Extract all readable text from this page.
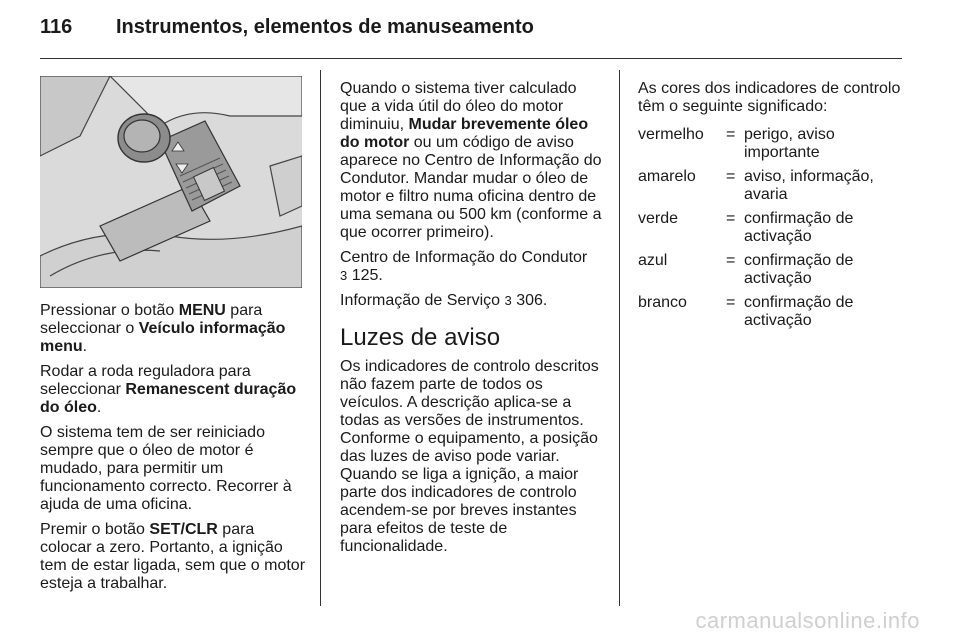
116 Instrumentos, elementos de manuseamento

Pressionar o botão MENU para seleccionar o Veículo informação menu.

Rodar a roda reguladora para seleccionar Remanescent duração do óleo.

O sistema tem de ser reiniciado sempre que o óleo de motor é mudado, para permitir um funcionamento correcto. Recorrer à ajuda de uma oficina.

Premir o botão SET/CLR para colocar a zero. Portanto, a ignição tem de estar ligada, sem que o motor esteja a trabalhar.

Quando o sistema tiver calculado que a vida útil do óleo do motor diminuiu, Mudar brevemente óleo do motor ou um código de aviso aparece no Centro de Informação do Condutor. Mandar mudar o óleo de motor e filtro numa oficina dentro de uma semana ou 500 km (conforme a que ocorrer primeiro).

Centro de Informação do Condutor
3 125.

Informação de Serviço 3 306.

Luzes de aviso

Os indicadores de controlo descritos não fazem parte de todos os veículos. A descrição aplica-se a todas as versões de instrumentos. Conforme o equipamento, a posição das luzes de aviso pode variar. Quando se liga a ignição, a maior parte dos indicadores de controlo acendem-se por breves instantes para efeitos de teste de funcionalidade.

As cores dos indicadores de controlo têm o seguinte significado:

vermelho	= perigo, aviso importante
amarelo	= aviso, informação, avaria
verde	= confirmação de activação
azul	= confirmação de activação
branco	= confirmação de activação
carmanualsonline.info
